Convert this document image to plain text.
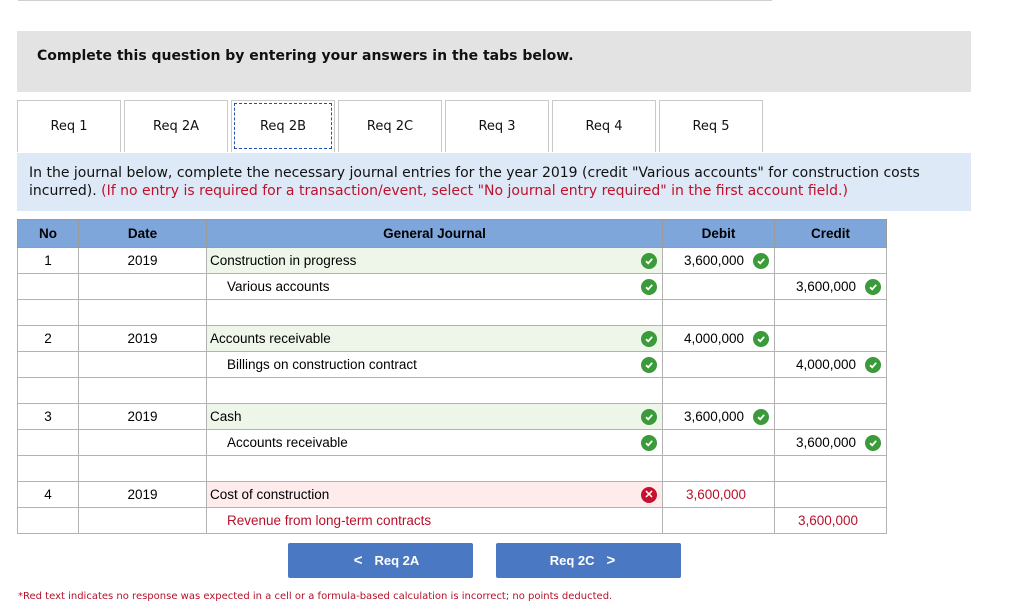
Complete this question by entering your answers in the tabs below.
Req 1	Req 2A	Req 2B	Req 2C	Req 3	Req 4	Req 5
In the journal below, complete the necessary journal entries for the year 2019 (credit "Various accounts" for construction costs incurred). (If no entry is required for a transaction/event, select "No journal entry required" in the first account field.)
No	Date	General Journal	Debit	Credit
1	2019	Construction in progress	3,600,000

		Various accounts		3,600,000

2	2019	Accounts receivable	4,000,000

		Billings on construction contract		4,000,000

3	2019	Cash	3,600,000

		Accounts receivable		3,600,000

4	2019	Cost of construction ✕	3,600,000	
		Revenue from long-term contracts		3,600,000
< Req 2A	Req 2C >
*Red text indicates no response was expected in a cell or a formula-based calculation is incorrect; no points deducted.
